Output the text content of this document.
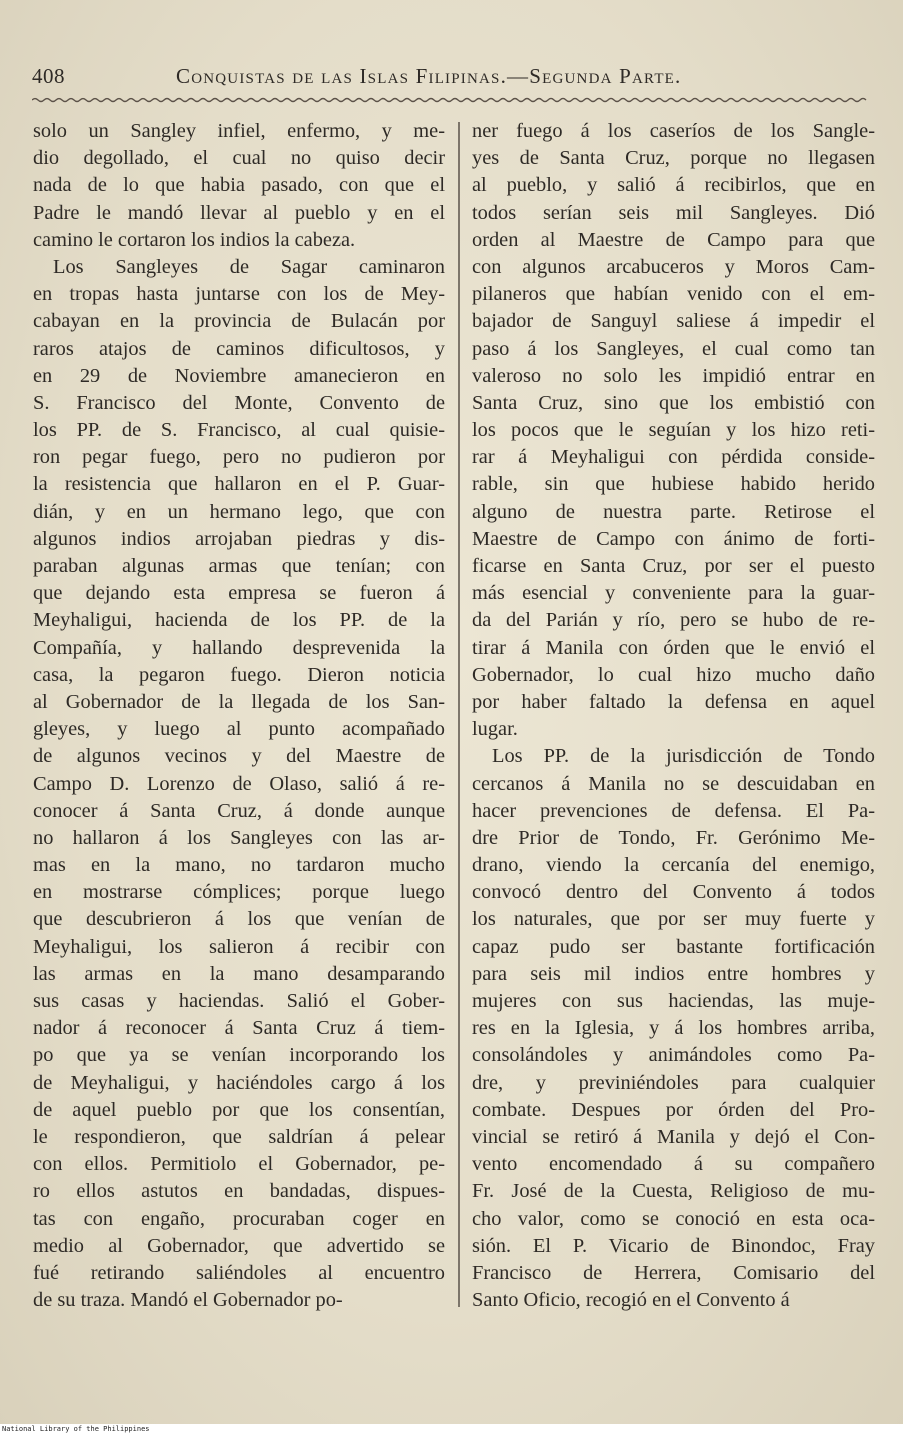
408	Conquistas de las Islas Filipinas.—Segunda Parte.
solo un Sangley infiel, enfermo, y me-
dio degollado, el cual no quiso decir
nada de lo que habia pasado, con que el
Padre le mandó llevar al pueblo y en el
camino le cortaron los indios la cabeza.
Los Sangleyes de Sagar caminaron
en tropas hasta juntarse con los de Mey-
cabayan en la provincia de Bulacán por
raros atajos de caminos dificultosos, y
en 29 de Noviembre amanecieron en
S. Francisco del Monte, Convento de
los PP. de S. Francisco, al cual quisie-
ron pegar fuego, pero no pudieron por
la resistencia que hallaron en el P. Guar-
dián, y en un hermano lego, que con
algunos indios arrojaban piedras y dis-
paraban algunas armas que tenían; con
que dejando esta empresa se fueron á
Meyhaligui, hacienda de los PP. de la
Compañía, y hallando desprevenida la
casa, la pegaron fuego. Dieron noticia
al Gobernador de la llegada de los San-
gleyes, y luego al punto acompañado
de algunos vecinos y del Maestre de
Campo D. Lorenzo de Olaso, salió á re-
conocer á Santa Cruz, á donde aunque
no hallaron á los Sangleyes con las ar-
mas en la mano, no tardaron mucho
en mostrarse cómplices; porque luego
que descubrieron á los que venían de
Meyhaligui, los salieron á recibir con
las armas en la mano desamparando
sus casas y haciendas. Salió el Gober-
nador á reconocer á Santa Cruz á tiem-
po que ya se venían incorporando los
de Meyhaligui, y haciéndoles cargo á los
de aquel pueblo por que los consentían,
le respondieron, que saldrían á pelear
con ellos. Permitiolo el Gobernador, pe-
ro ellos astutos en bandadas, dispues-
tas con engaño, procuraban coger en
medio al Gobernador, que advertido se
fué retirando saliéndoles al encuentro
de su traza. Mandó el Gobernador po-
ner fuego á los caseríos de los Sangle-
yes de Santa Cruz, porque no llegasen
al pueblo, y salió á recibirlos, que en
todos serían seis mil Sangleyes. Dió
orden al Maestre de Campo para que
con algunos arcabuceros y Moros Cam-
pilaneros que habían venido con el em-
bajador de Sanguyl saliese á impedir el
paso á los Sangleyes, el cual como tan
valeroso no solo les impidió entrar en
Santa Cruz, sino que los embistió con
los pocos que le seguían y los hizo reti-
rar á Meyhaligui con pérdida conside-
rable, sin que hubiese habido herido
alguno de nuestra parte. Retirose el
Maestre de Campo con ánimo de forti-
ficarse en Santa Cruz, por ser el puesto
más esencial y conveniente para la guar-
da del Parián y río, pero se hubo de re-
tirar á Manila con órden que le envió el
Gobernador, lo cual hizo mucho daño
por haber faltado la defensa en aquel
lugar.
Los PP. de la jurisdicción de Tondo
cercanos á Manila no se descuidaban en
hacer prevenciones de defensa. El Pa-
dre Prior de Tondo, Fr. Gerónimo Me-
drano, viendo la cercanía del enemigo,
convocó dentro del Convento á todos
los naturales, que por ser muy fuerte y
capaz pudo ser bastante fortificación
para seis mil indios entre hombres y
mujeres con sus haciendas, las muje-
res en la Iglesia, y á los hombres arriba,
consolándoles y animándoles como Pa-
dre, y previniéndoles para cualquier
combate. Despues por órden del Pro-
vincial se retiró á Manila y dejó el Con-
vento encomendado á su compañero
Fr. José de la Cuesta, Religioso de mu-
cho valor, como se conoció en esta oca-
sión. El P. Vicario de Binondoc, Fray
Francisco de Herrera, Comisario del
Santo Oficio, recogió en el Convento á
National Library of the Philippines
